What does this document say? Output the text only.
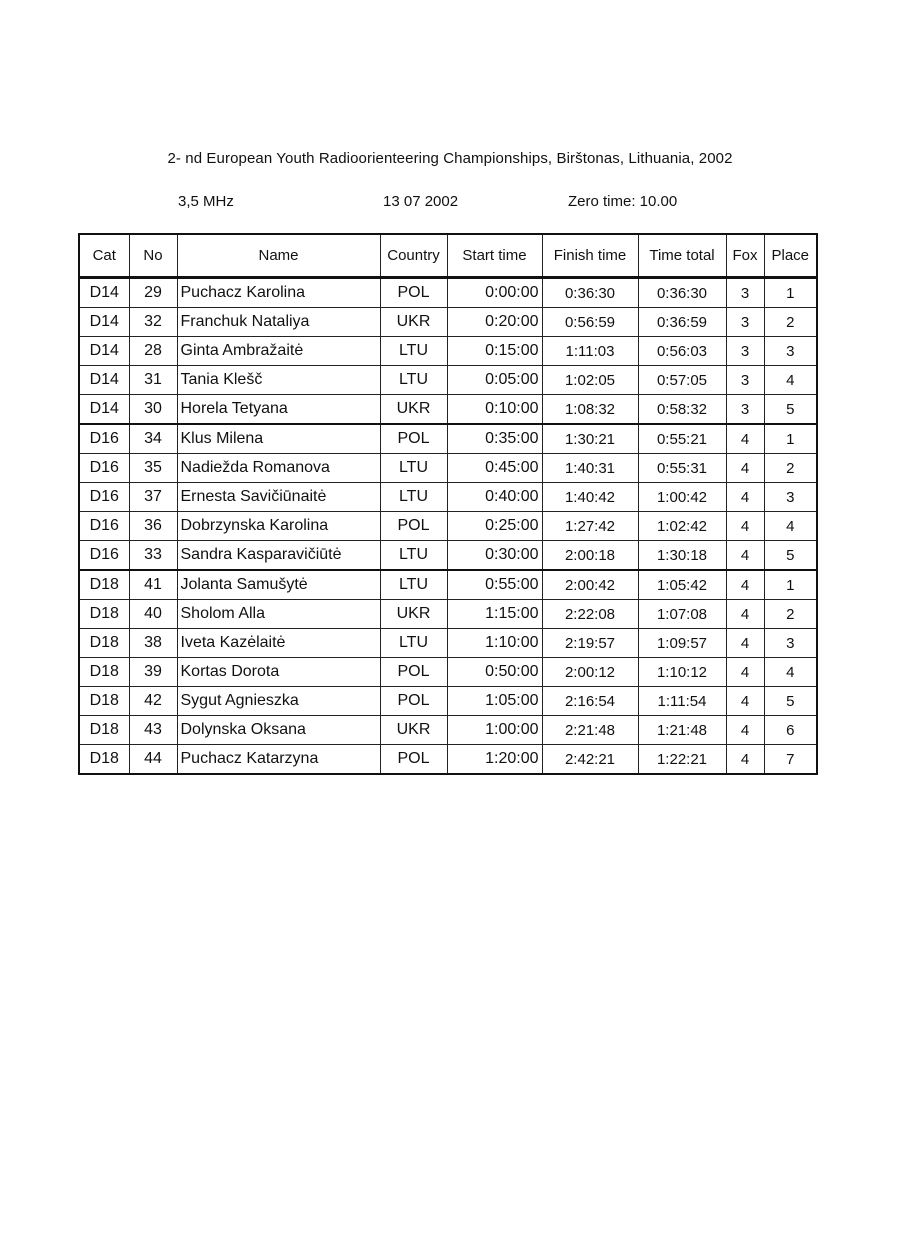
2- nd European Youth Radioorienteering Championships, Birštonas, Lithuania, 2002
3,5 MHz	13 07 2002	Zero time: 10.00
Cat	No	Name	Country	Start time	Finish time	Time total	Fox	Place
D14	29	Puchacz Karolina	POL	0:00:00	0:36:30	0:36:30	3	1
D14	32	Franchuk Nataliya	UKR	0:20:00	0:56:59	0:36:59	3	2
D14	28	Ginta Ambražaitė	LTU	0:15:00	1:11:03	0:56:03	3	3
D14	31	Tania Klešč	LTU	0:05:00	1:02:05	0:57:05	3	4
D14	30	Horela Tetyana	UKR	0:10:00	1:08:32	0:58:32	3	5
D16	34	Klus Milena	POL	0:35:00	1:30:21	0:55:21	4	1
D16	35	Nadiežda Romanova	LTU	0:45:00	1:40:31	0:55:31	4	2
D16	37	Ernesta Savičiūnaitė	LTU	0:40:00	1:40:42	1:00:42	4	3
D16	36	Dobrzynska Karolina	POL	0:25:00	1:27:42	1:02:42	4	4
D16	33	Sandra Kasparavičiūtė	LTU	0:30:00	2:00:18	1:30:18	4	5
D18	41	Jolanta Samušytė	LTU	0:55:00	2:00:42	1:05:42	4	1
D18	40	Sholom Alla	UKR	1:15:00	2:22:08	1:07:08	4	2
D18	38	Iveta Kazėlaitė	LTU	1:10:00	2:19:57	1:09:57	4	3
D18	39	Kortas Dorota	POL	0:50:00	2:00:12	1:10:12	4	4
D18	42	Sygut Agnieszka	POL	1:05:00	2:16:54	1:11:54	4	5
D18	43	Dolynska Oksana	UKR	1:00:00	2:21:48	1:21:48	4	6
D18	44	Puchacz Katarzyna	POL	1:20:00	2:42:21	1:22:21	4	7
